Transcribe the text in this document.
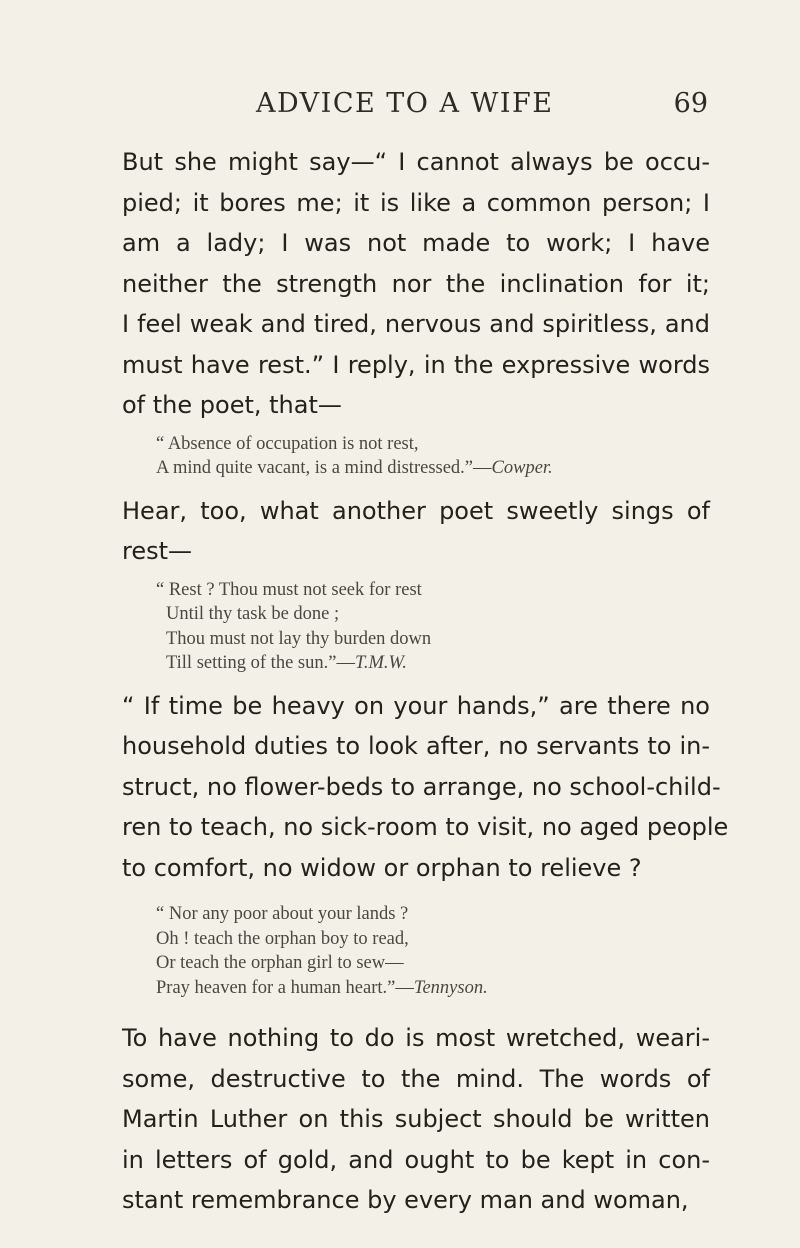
ADVICE TO A WIFE	69

But she might say—“ I cannot always be occu-
pied; it bores me; it is like a common person; I
am a lady; I was not made to work; I have
neither the strength nor the inclination for it;
I feel weak and tired, nervous and spiritless, and
must have rest.” I reply, in the expressive words
of the poet, that—

“ Absence of occupation is not rest,
A mind quite vacant, is a mind distressed.”—Cowper.

Hear, too, what another poet sweetly sings of
rest—

“ Rest ? Thou must not seek for rest
Until thy task be done ;
Thou must not lay thy burden down
Till setting of the sun.”—T.M.W.

“ If time be heavy on your hands,” are there no
household duties to look after, no servants to in-
struct, no flower-beds to arrange, no school-child-
ren to teach, no sick-room to visit, no aged people
to comfort, no widow or orphan to relieve ?

“ Nor any poor about your lands ?
Oh ! teach the orphan boy to read,
Or teach the orphan girl to sew—
Pray heaven for a human heart.”—Tennyson.

To have nothing to do is most wretched, weari-
some, destructive to the mind. The words of
Martin Luther on this subject should be written
in letters of gold, and ought to be kept in con-
stant remembrance by every man and woman,
